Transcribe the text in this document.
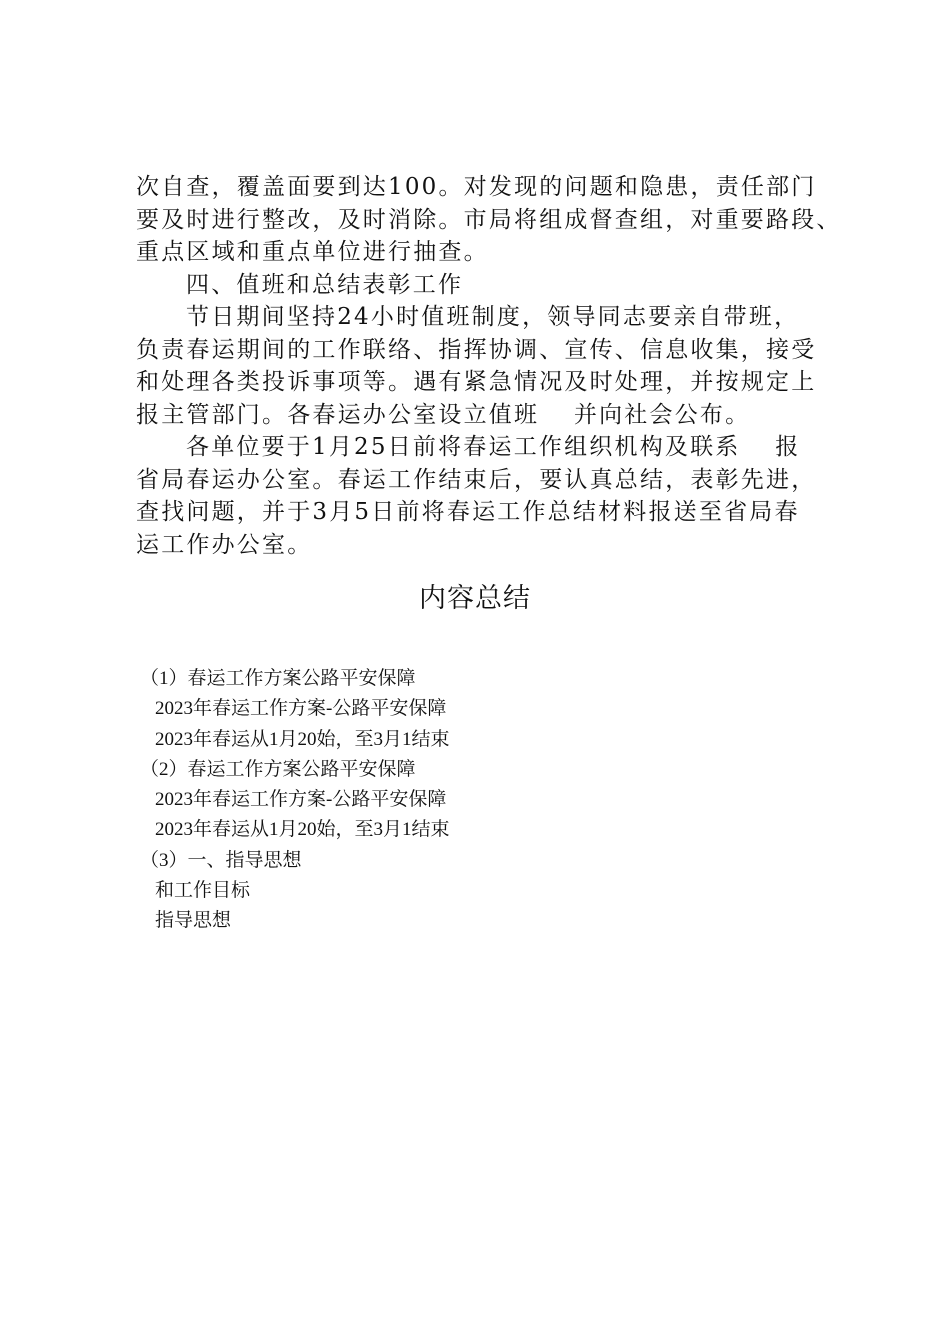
次自查，覆盖面要到达100。对发现的问题和隐患，责任部门
要及时进行整改，及时消除。市局将组成督查组，对重要路段、
重点区域和重点单位进行抽查。
四、值班和总结表彰工作
节日期间坚持24小时值班制度，领导同志要亲自带班，
负责春运期间的工作联络、指挥协调、宣传、信息收集，接受
和处理各类投诉事项等。遇有紧急情况及时处理，并按规定上
报主管部门。各春运办公室设立值班　 并向社会公布。
各单位要于1月25日前将春运工作组织机构及联系　 报
省局春运办公室。春运工作结束后，要认真总结，表彰先进，
查找问题，并于3月5日前将春运工作总结材料报送至省局春
运工作办公室。
内容总结
（1）春运工作方案公路平安保障
2023年春运工作方案-公路平安保障
2023年春运从1月20始，至3月1结束
（2）春运工作方案公路平安保障
2023年春运工作方案-公路平安保障
2023年春运从1月20始，至3月1结束
（3）一、指导思想
和工作目标
指导思想
